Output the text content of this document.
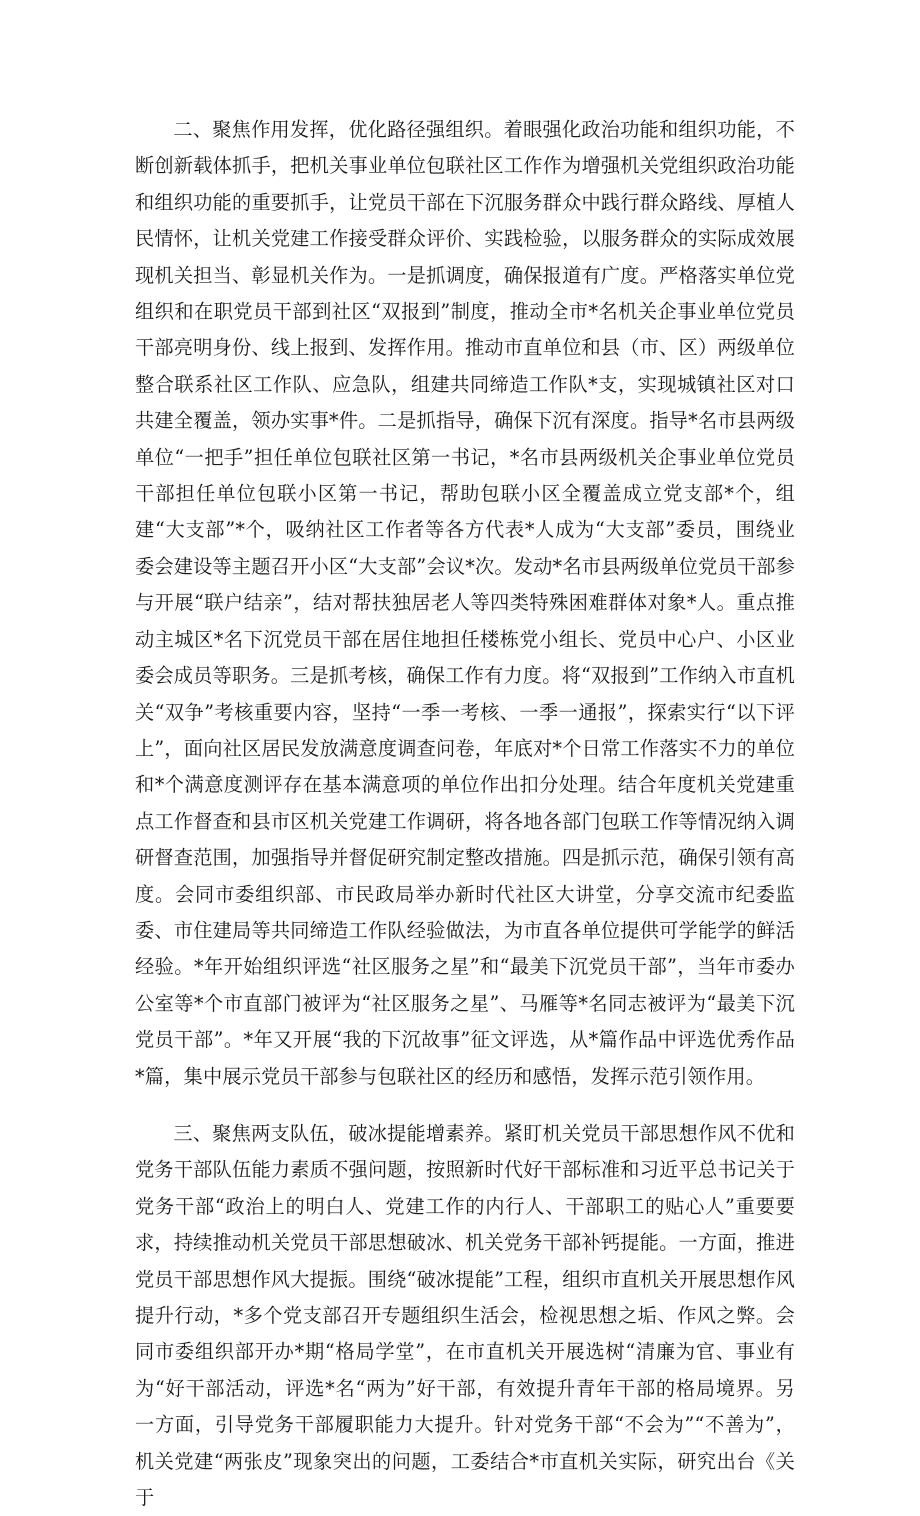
二、聚焦作用发挥，优化路径强组织。着眼强化政治功能和组织功能，不断创新载体抓手，把机关事业单位包联社区工作作为增强机关党组织政治功能和组织功能的重要抓手，让党员干部在下沉服务群众中践行群众路线、厚植人民情怀，让机关党建工作接受群众评价、实践检验，以服务群众的实际成效展现机关担当、彰显机关作为。一是抓调度，确保报道有广度。严格落实单位党组织和在职党员干部到社区“双报到”制度，推动全市*名机关企事业单位党员干部亮明身份、线上报到、发挥作用。推动市直单位和县（市、区）两级单位整合联系社区工作队、应急队，组建共同缔造工作队*支，实现城镇社区对口共建全覆盖，领办实事*件。二是抓指导，确保下沉有深度。指导*名市县两级单位“一把手”担任单位包联社区第一书记，*名市县两级机关企事业单位党员干部担任单位包联小区第一书记，帮助包联小区全覆盖成立党支部*个，组建“大支部”*个，吸纳社区工作者等各方代表*人成为“大支部”委员，围绕业委会建设等主题召开小区“大支部”会议*次。发动*名市县两级单位党员干部参与开展“联户结亲”，结对帮扶独居老人等四类特殊困难群体对象*人。重点推动主城区*名下沉党员干部在居住地担任楼栋党小组长、党员中心户、小区业委会成员等职务。三是抓考核，确保工作有力度。将“双报到”工作纳入市直机关“双争”考核重要内容，坚持“一季一考核、一季一通报”，探索实行“以下评上”，面向社区居民发放满意度调查问卷，年底对*个日常工作落实不力的单位和*个满意度测评存在基本满意项的单位作出扣分处理。结合年度机关党建重点工作督查和县市区机关党建工作调研，将各地各部门包联工作等情况纳入调研督查范围，加强指导并督促研究制定整改措施。四是抓示范，确保引领有高度。会同市委组织部、市民政局举办新时代社区大讲堂，分享交流市纪委监委、市住建局等共同缔造工作队经验做法，为市直各单位提供可学能学的鲜活经验。*年开始组织评选“社区服务之星”和“最美下沉党员干部”，当年市委办公室等*个市直部门被评为“社区服务之星”、马雁等*名同志被评为“最美下沉党员干部”。*年又开展“我的下沉故事”征文评选，从*篇作品中评选优秀作品*篇，集中展示党员干部参与包联社区的经历和感悟，发挥示范引领作用。

三、聚焦两支队伍，破冰提能增素养。紧盯机关党员干部思想作风不优和党务干部队伍能力素质不强问题，按照新时代好干部标准和习近平总书记关于党务干部“政治上的明白人、党建工作的内行人、干部职工的贴心人”重要要求，持续推动机关党员干部思想破冰、机关党务干部补钙提能。一方面，推进党员干部思想作风大提振。围绕“破冰提能”工程，组织市直机关开展思想作风提升行动，*多个党支部召开专题组织生活会，检视思想之垢、作风之弊。会同市委组织部开办*期“格局学堂”，在市直机关开展选树“清廉为官、事业有为“好干部活动，评选*名“两为”好干部，有效提升青年干部的格局境界。另一方面，引导党务干部履职能力大提升。针对党务干部“不会为”“不善为”，机关党建“两张皮”现象突出的问题，工委结合*市直机关实际，研究出台《关于
